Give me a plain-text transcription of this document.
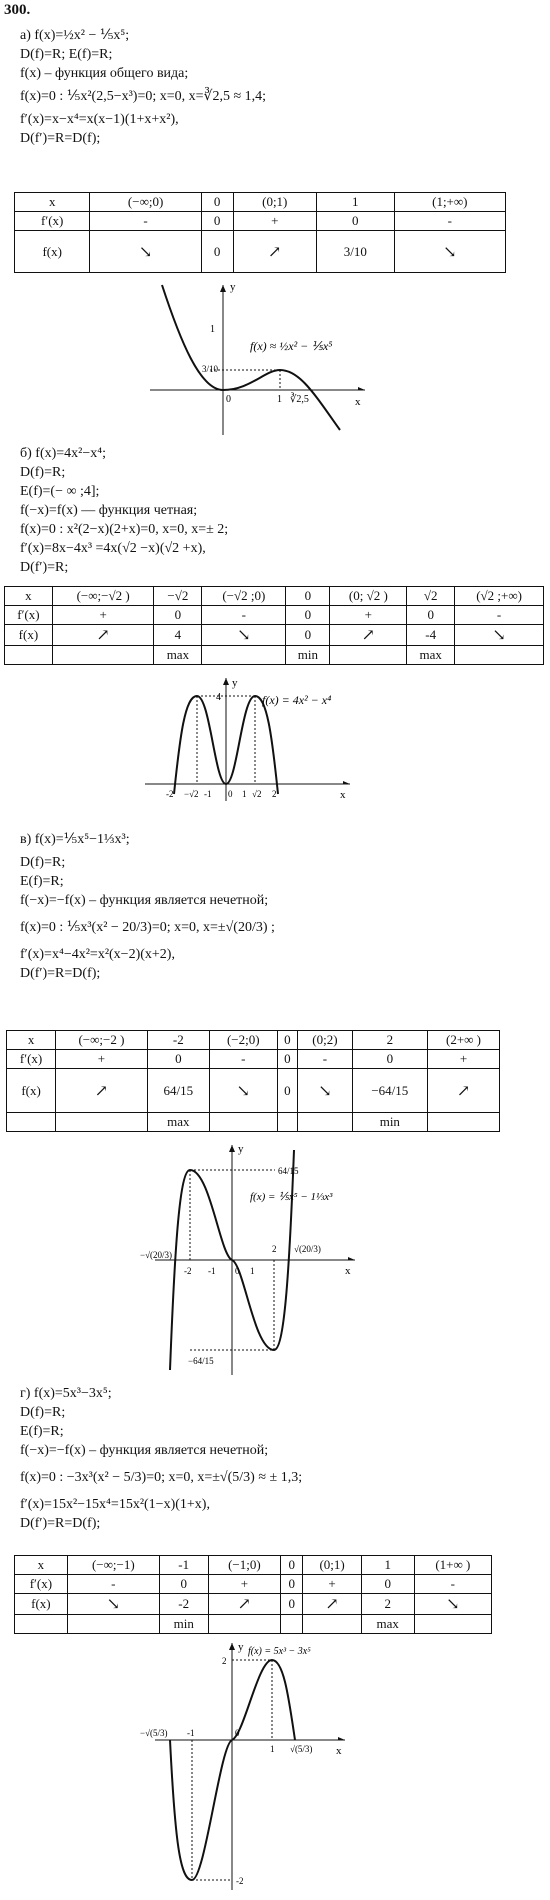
300.
а) f(x)=½x² − ⅕x⁵;
D(f)=R; E(f)=R;
f(x) – функция общего вида;
f(x)=0 : ⅕x²(2,5−x³)=0; x=0, x=∛2,5 ≈ 1,4;
f′(x)=x−x⁴=x(x−1)(1+x+x²),
D(f′)=R=D(f);
x	(−∞;0)	0	(0;1)	1	(1;+∞)
f′(x)	-	0	+	0	-
f(x)	↘	0	↗	3/10	↘
y
x
1
3/10
0	1 ∛2,5
f(x) ≈ ½x² − ⅕x⁵
б) f(x)=4x²−x⁴;
D(f)=R;
E(f)=(− ∞ ;4];
f(−x)=f(x) — функция четная;
f(x)=0 : x²(2−x)(2+x)=0, x=0, x=± 2;
f′(x)=8x−4x³ =4x(√2 −x)(√2 +x),
D(f′)=R;
x	(−∞;−√2 )	−√2	(−√2 ;0)	0	(0; √2 )	√2	(√2 ;+∞)
f′(x)	+	0	-	0	+	0	-
f(x)	↗	4	↘	0	↗	-4	↘
		max		min		max	
4
-2 −√2 -1 0 1 √2 2
y
x
f(x) = 4x² − x⁴
в) f(x)=⅕x⁵−1⅓x³;
D(f)=R;
E(f)=R;
f(−x)=−f(x) – функция является нечетной;
f(x)=0 : ⅕x³(x² − 20/3)=0; x=0, x=±√(20/3) ;
f′(x)=x⁴−4x²=x²(x−2)(x+2),
D(f′)=R=D(f);
x	(−∞;−2 )	-2	(−2;0)	0	(0;2)	2	(2+∞ )
f′(x)	+	0	-	0	-	0	+
f(x)	↗	64/15	↘	0	↘	−64/15	↗
		max				min	
64/15
−√(20/3)
-2 -1 0 1
2 √(20/3)
−64/15
y
x
f(x) = ⅕x⁵ − 1⅓x³
г) f(x)=5x³−3x⁵;
D(f)=R;
E(f)=R;
f(−x)=−f(x) – функция является нечетной;
f(x)=0 : −3x³(x² − 5/3)=0; x=0, x=±√(5/3) ≈ ± 1,3;
f′(x)=15x²−15x⁴=15x²(1−x)(1+x),
D(f′)=R=D(f);
x	(−∞;−1)	-1	(−1;0)	0	(0;1)	1	(1+∞ )
f′(x)	-	0	+	0	+	0	-
f(x)	↘	-2	↗	0	↗	2	↘
		min				max	
2
−√(5/3) -1	0
1 √(5/3)
-2
y
x
f(x) = 5x³ − 3x⁵
